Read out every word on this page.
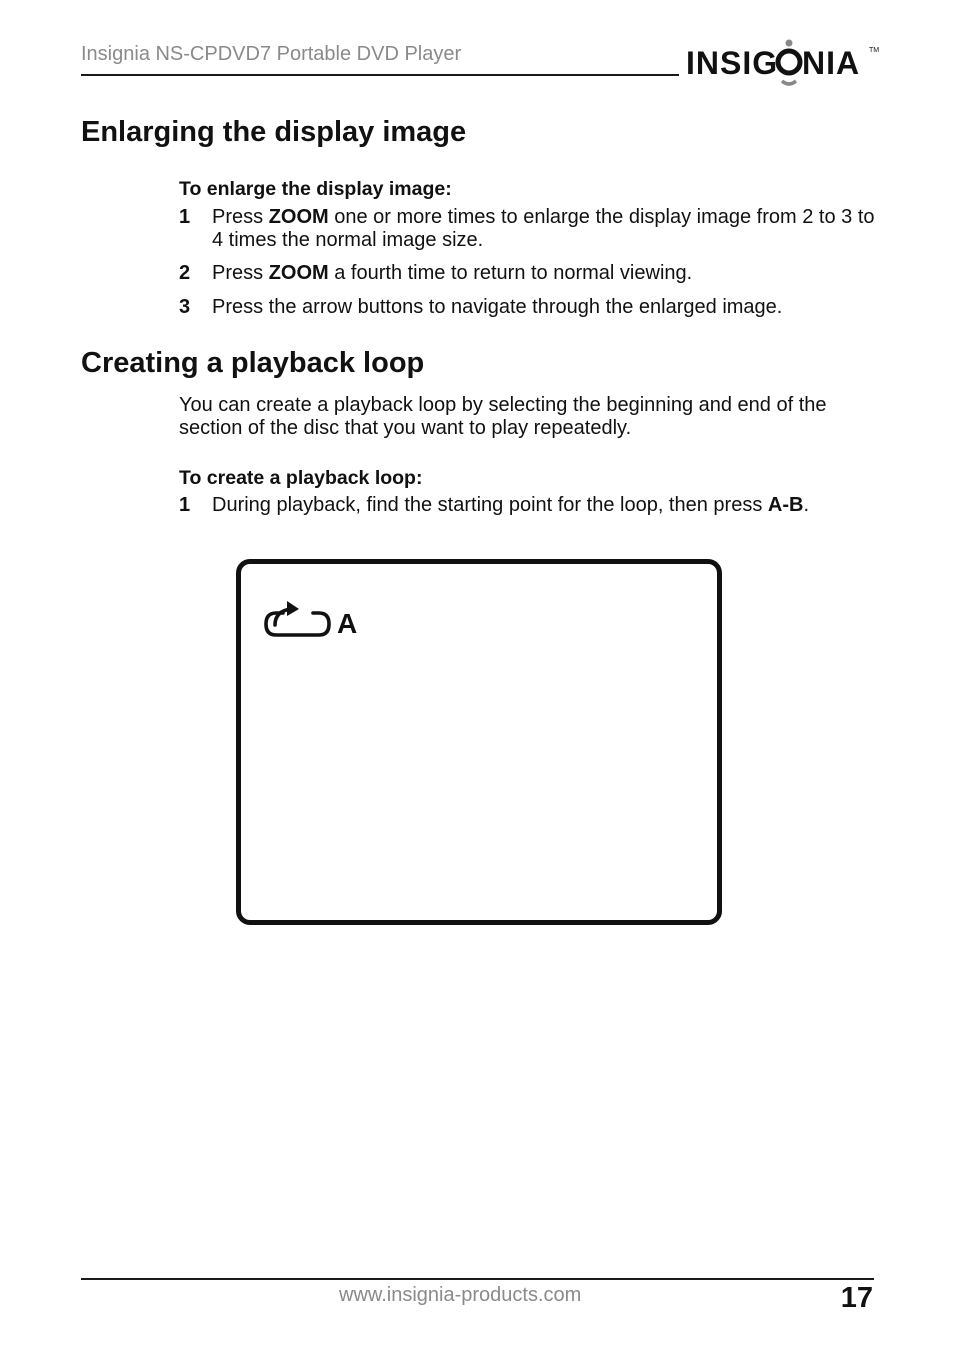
Insignia NS-CPDVD7 Portable DVD Player	INSIG NIA TM
Enlarging the display image
To enlarge the display image:
1 Press ZOOM one or more times to enlarge the display image from 2 to 3 to 4 times the normal image size.
2 Press ZOOM a fourth time to return to normal viewing.
3 Press the arrow buttons to navigate through the enlarged image.
Creating a playback loop
You can create a playback loop by selecting the beginning and end of the section of the disc that you want to play repeatedly.
To create a playback loop:
1 During playback, find the starting point for the loop, then press A-B.
A
www.insignia-products.com	17
